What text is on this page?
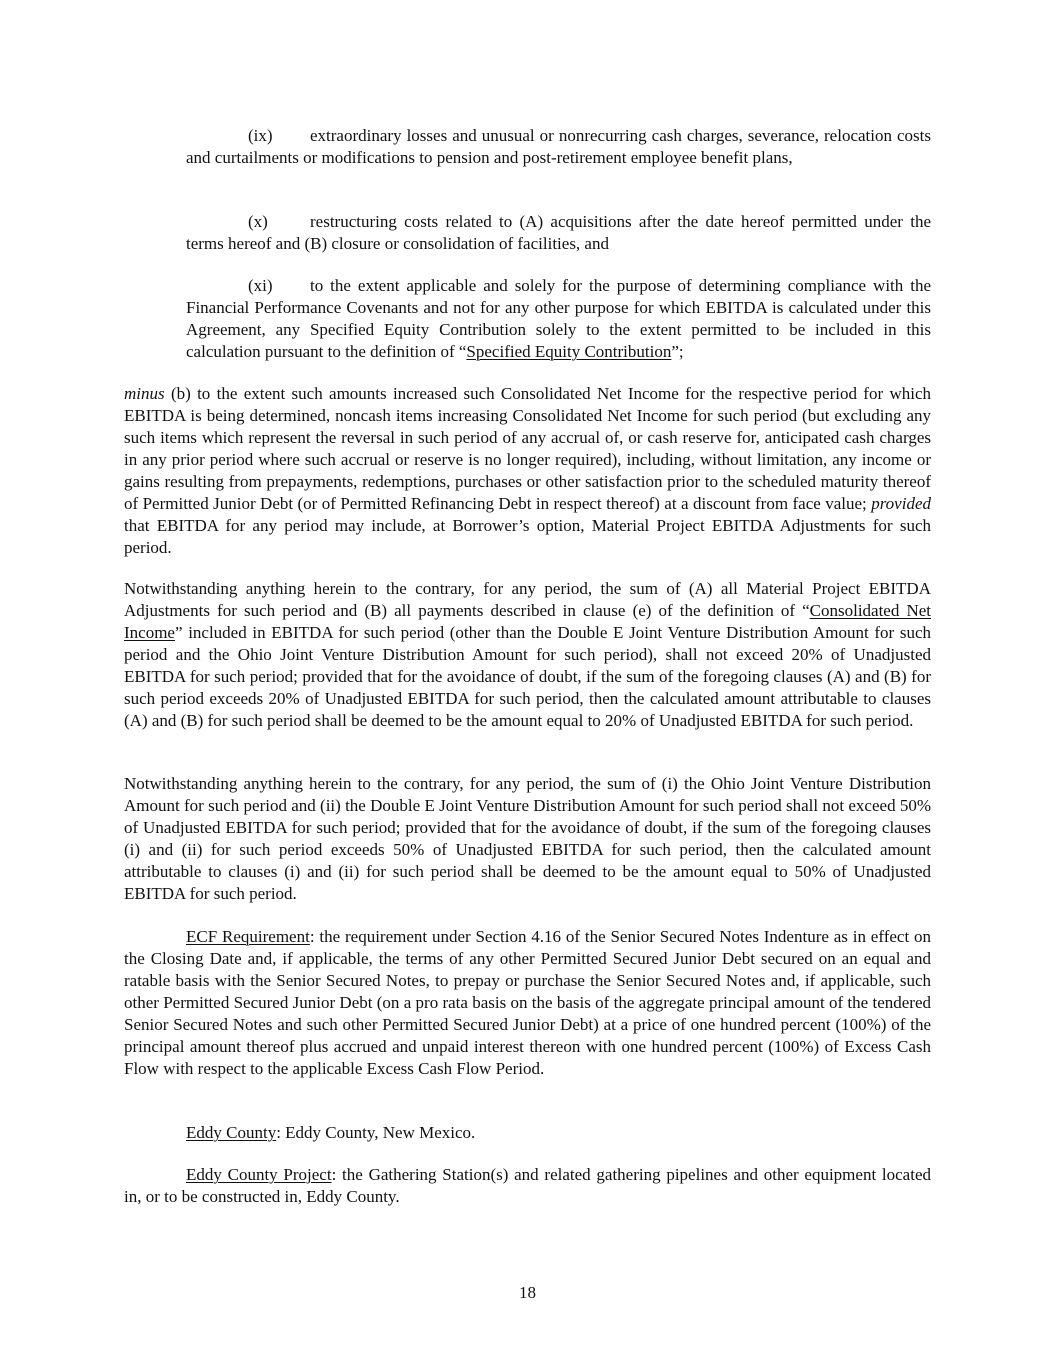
(ix) extraordinary losses and unusual or nonrecurring cash charges, severance, relocation costs and curtailments or modifications to pension and post-retirement employee benefit plans,

(x) restructuring costs related to (A) acquisitions after the date hereof permitted under the terms hereof and (B) closure or consolidation of facilities, and

(xi) to the extent applicable and solely for the purpose of determining compliance with the Financial Performance Covenants and not for any other purpose for which EBITDA is calculated under this Agreement, any Specified Equity Contribution solely to the extent permitted to be included in this calculation pursuant to the definition of “Specified Equity Contribution”;

minus (b) to the extent such amounts increased such Consolidated Net Income for the respective period for which EBITDA is being determined, noncash items increasing Consolidated Net Income for such period (but excluding any such items which represent the reversal in such period of any accrual of, or cash reserve for, anticipated cash charges in any prior period where such accrual or reserve is no longer required), including, without limitation, any income or gains resulting from prepayments, redemptions, purchases or other satisfaction prior to the scheduled maturity thereof of Permitted Junior Debt (or of Permitted Refinancing Debt in respect thereof) at a discount from face value; provided that EBITDA for any period may include, at Borrower’s option, Material Project EBITDA Adjustments for such period.

Notwithstanding anything herein to the contrary, for any period, the sum of (A) all Material Project EBITDA Adjustments for such period and (B) all payments described in clause (e) of the definition of “Consolidated Net Income” included in EBITDA for such period (other than the Double E Joint Venture Distribution Amount for such period and the Ohio Joint Venture Distribution Amount for such period), shall not exceed 20% of Unadjusted EBITDA for such period; provided that for the avoidance of doubt, if the sum of the foregoing clauses (A) and (B) for such period exceeds 20% of Unadjusted EBITDA for such period, then the calculated amount attributable to clauses (A) and (B) for such period shall be deemed to be the amount equal to 20% of Unadjusted EBITDA for such period.

Notwithstanding anything herein to the contrary, for any period, the sum of (i) the Ohio Joint Venture Distribution Amount for such period and (ii) the Double E Joint Venture Distribution Amount for such period shall not exceed 50% of Unadjusted EBITDA for such period; provided that for the avoidance of doubt, if the sum of the foregoing clauses (i) and (ii) for such period exceeds 50% of Unadjusted EBITDA for such period, then the calculated amount attributable to clauses (i) and (ii) for such period shall be deemed to be the amount equal to 50% of Unadjusted EBITDA for such period.

ECF Requirement: the requirement under Section 4.16 of the Senior Secured Notes Indenture as in effect on the Closing Date and, if applicable, the terms of any other Permitted Secured Junior Debt secured on an equal and ratable basis with the Senior Secured Notes, to prepay or purchase the Senior Secured Notes and, if applicable, such other Permitted Secured Junior Debt (on a pro rata basis on the basis of the aggregate principal amount of the tendered Senior Secured Notes and such other Permitted Secured Junior Debt) at a price of one hundred percent (100%) of the principal amount thereof plus accrued and unpaid interest thereon with one hundred percent (100%) of Excess Cash Flow with respect to the applicable Excess Cash Flow Period.

Eddy County: Eddy County, New Mexico.

Eddy County Project: the Gathering Station(s) and related gathering pipelines and other equipment located in, or to be constructed in, Eddy County.

18
